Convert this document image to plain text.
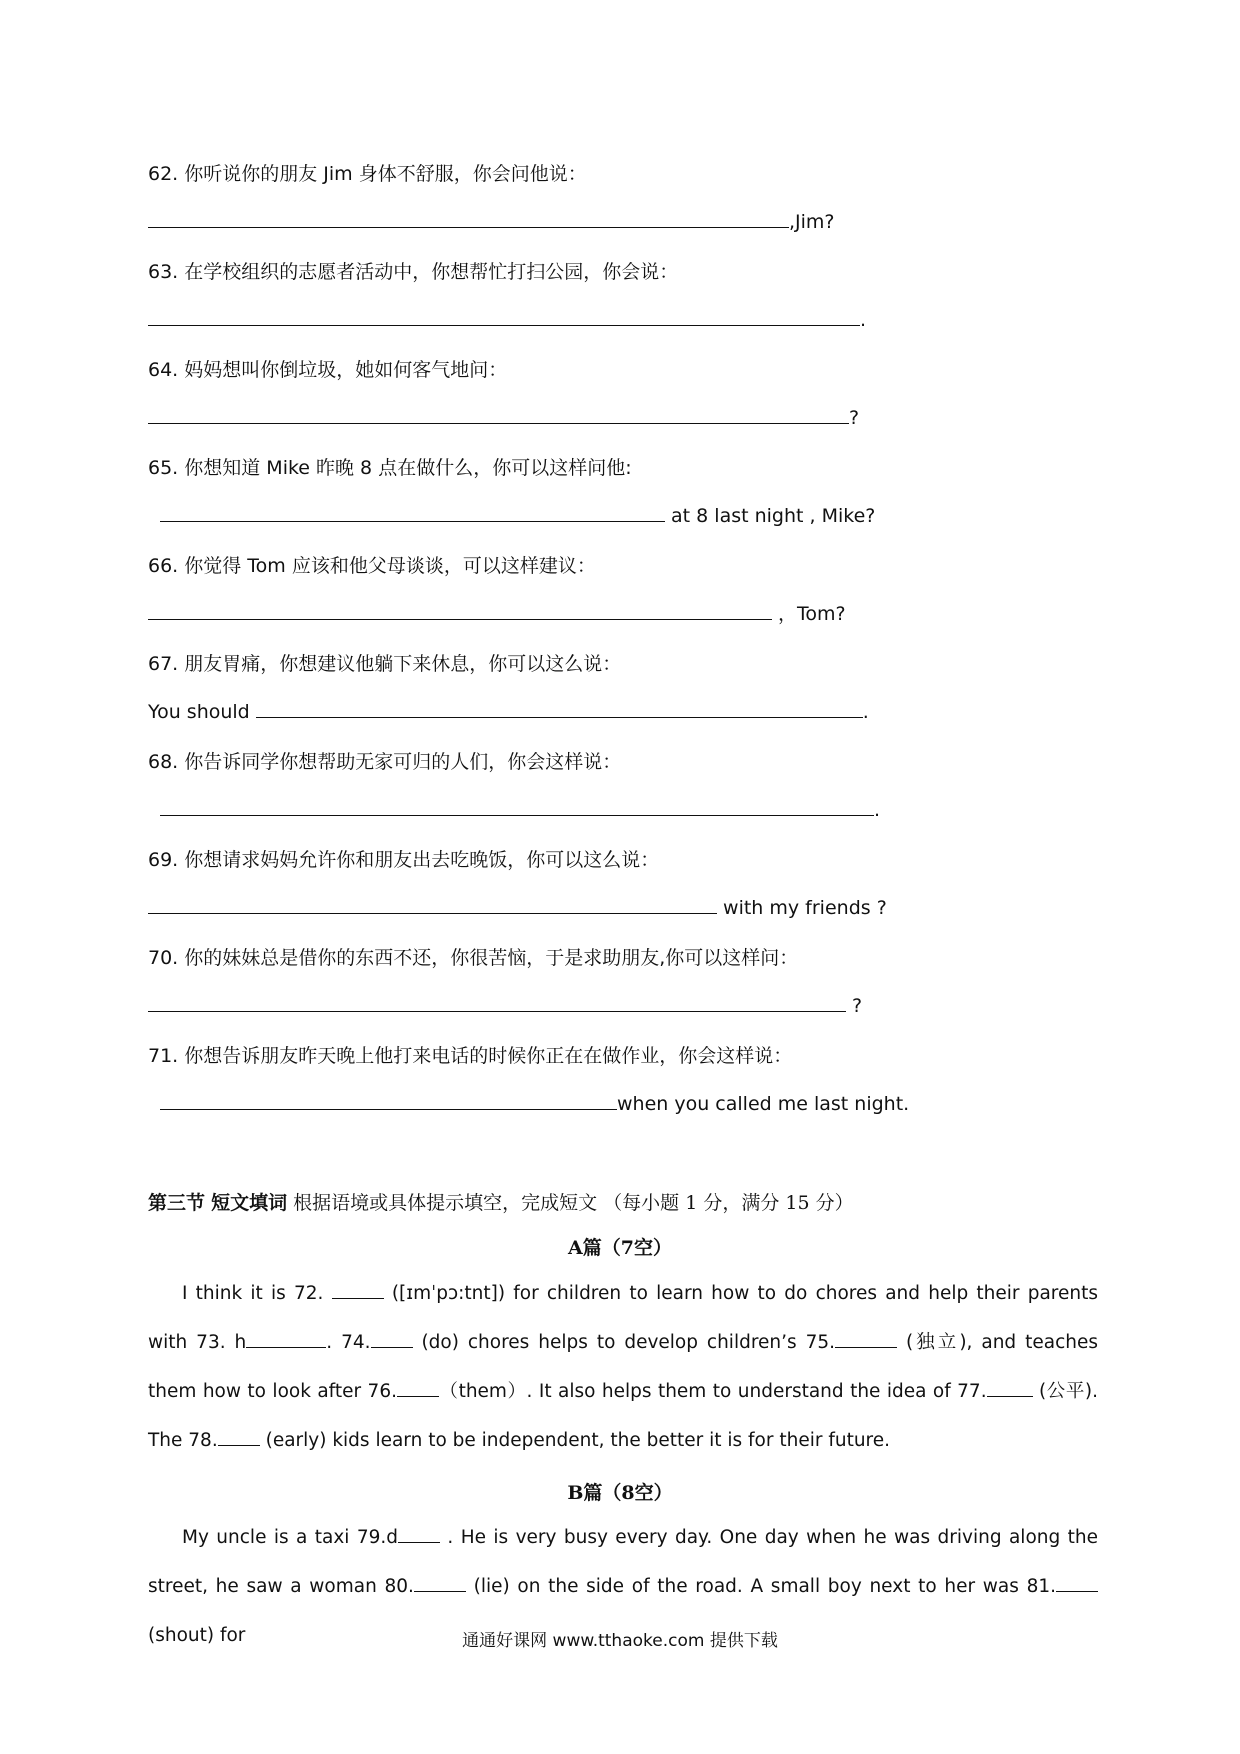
62. 你听说你的朋友 Jim 身体不舒服，你会问他说：
,Jim?
63. 在学校组织的志愿者活动中，你想帮忙打扫公园，你会说：
.
64. 妈妈想叫你倒垃圾，她如何客气地问：
?
65. 你想知道 Mike 昨晚 8 点在做什么，你可以这样问他:
at 8 last night , Mike?
66. 你觉得 Tom 应该和他父母谈谈，可以这样建议：
，Tom?
67. 朋友胃痛，你想建议他躺下来休息，你可以这么说：
You should	.
68. 你告诉同学你想帮助无家可归的人们，你会这样说：
.
69. 你想请求妈妈允许你和朋友出去吃晚饭，你可以这么说：
with my friends ?
70. 你的妹妹总是借你的东西不还，你很苦恼，于是求助朋友,你可以这样问：
?
71. 你想告诉朋友昨天晚上他打来电话的时候你正在在做作业，你会这样说：
when you called me last night.
第三节 短文填词 根据语境或具体提示填空，完成短文 （每小题 1 分，满分 15 分）
A篇（7空）
I think it is 72.	([ɪmˈpɔ:tnt]) for children to learn how to do chores and help their parents with 73. h	. 74. (do) chores helps to develop children’s 75.	(独立), and teaches them how to look after 76. （them）. It also helps them to understand the idea of 77. (公平). The 78. (early) kids learn to be independent, the better it is for their future.
B篇（8空）
My uncle is a taxi 79.d . He is very busy every day. One day when he was driving along the street, he saw a woman 80.	(lie) on the side of the road. A small boy next to her was 81.(shout) for	通通好课网 www.tthaoke.com 提供下载
